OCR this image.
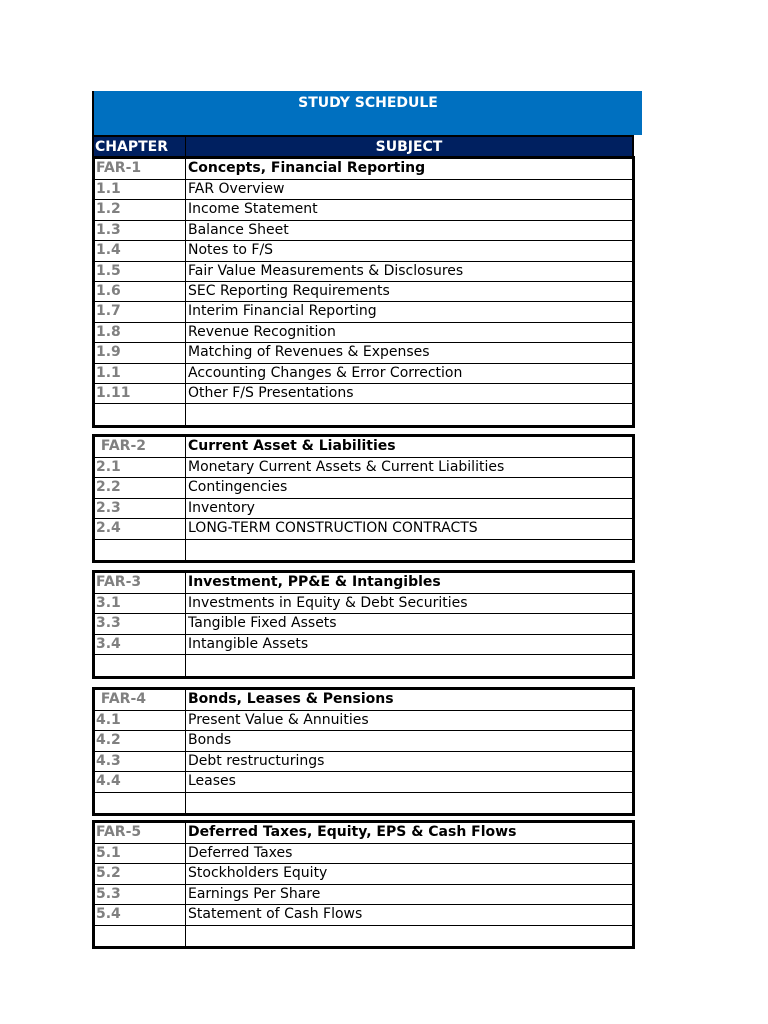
STUDY SCHEDULE
CHAPTER	SUBJECT
FAR-1	Concepts, Financial Reporting
1.1	FAR Overview
1.2	Income Statement
1.3	Balance Sheet
1.4	Notes to F/S
1.5	Fair Value Measurements & Disclosures
1.6	SEC Reporting Requirements
1.7	Interim Financial Reporting
1.8	Revenue Recognition
1.9	Matching of Revenues & Expenses
1.1	Accounting Changes & Error Correction
1.11	Other F/S Presentations
FAR-2	Current Asset & Liabilities
2.1	Monetary Current Assets & Current Liabilities
2.2	Contingencies
2.3	Inventory
2.4	LONG-TERM CONSTRUCTION CONTRACTS
FAR-3	Investment, PP&E & Intangibles
3.1	Investments in Equity & Debt Securities
3.3	Tangible Fixed Assets
3.4	Intangible Assets
FAR-4	Bonds, Leases & Pensions
4.1	Present Value & Annuities
4.2	Bonds
4.3	Debt restructurings
4.4	Leases
FAR-5	Deferred Taxes, Equity, EPS & Cash Flows
5.1	Deferred Taxes
5.2	Stockholders Equity
5.3	Earnings Per Share
5.4	Statement of Cash Flows
